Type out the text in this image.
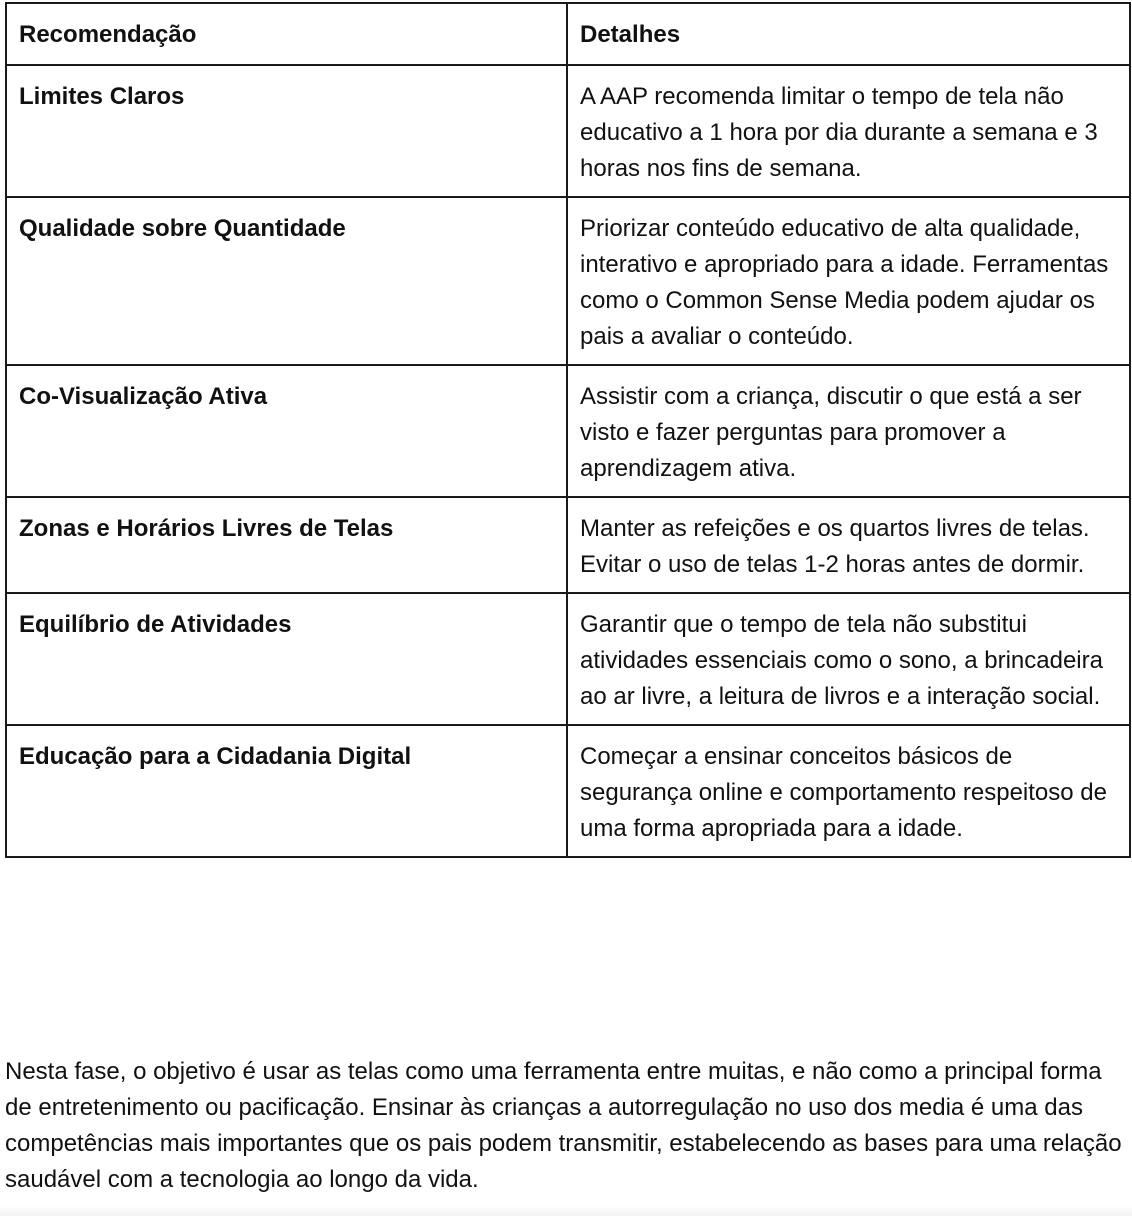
Recomendação	Detalhes
Limites Claros	A AAP recomenda limitar o tempo de tela não educativo a 1 hora por dia durante a semana e 3 horas nos fins de semana.
Qualidade sobre Quantidade	Priorizar conteúdo educativo de alta qualidade, interativo e apropriado para a idade. Ferramentas como o Common Sense Media podem ajudar os pais a avaliar o conteúdo.
Co-Visualização Ativa	Assistir com a criança, discutir o que está a ser visto e fazer perguntas para promover a aprendizagem ativa.
Zonas e Horários Livres de Telas	Manter as refeições e os quartos livres de telas. Evitar o uso de telas 1-2 horas antes de dormir.
Equilíbrio de Atividades	Garantir que o tempo de tela não substitui atividades essenciais como o sono, a brincadeira ao ar livre, a leitura de livros e a interação social.
Educação para a Cidadania Digital	Começar a ensinar conceitos básicos de segurança online e comportamento respeitoso de uma forma apropriada para a idade.

Nesta fase, o objetivo é usar as telas como uma ferramenta entre muitas, e não como a principal forma de entretenimento ou pacificação. Ensinar às crianças a autorregulação no uso dos media é uma das competências mais importantes que os pais podem transmitir, estabelecendo as bases para uma relação saudável com a tecnologia ao longo da vida.
